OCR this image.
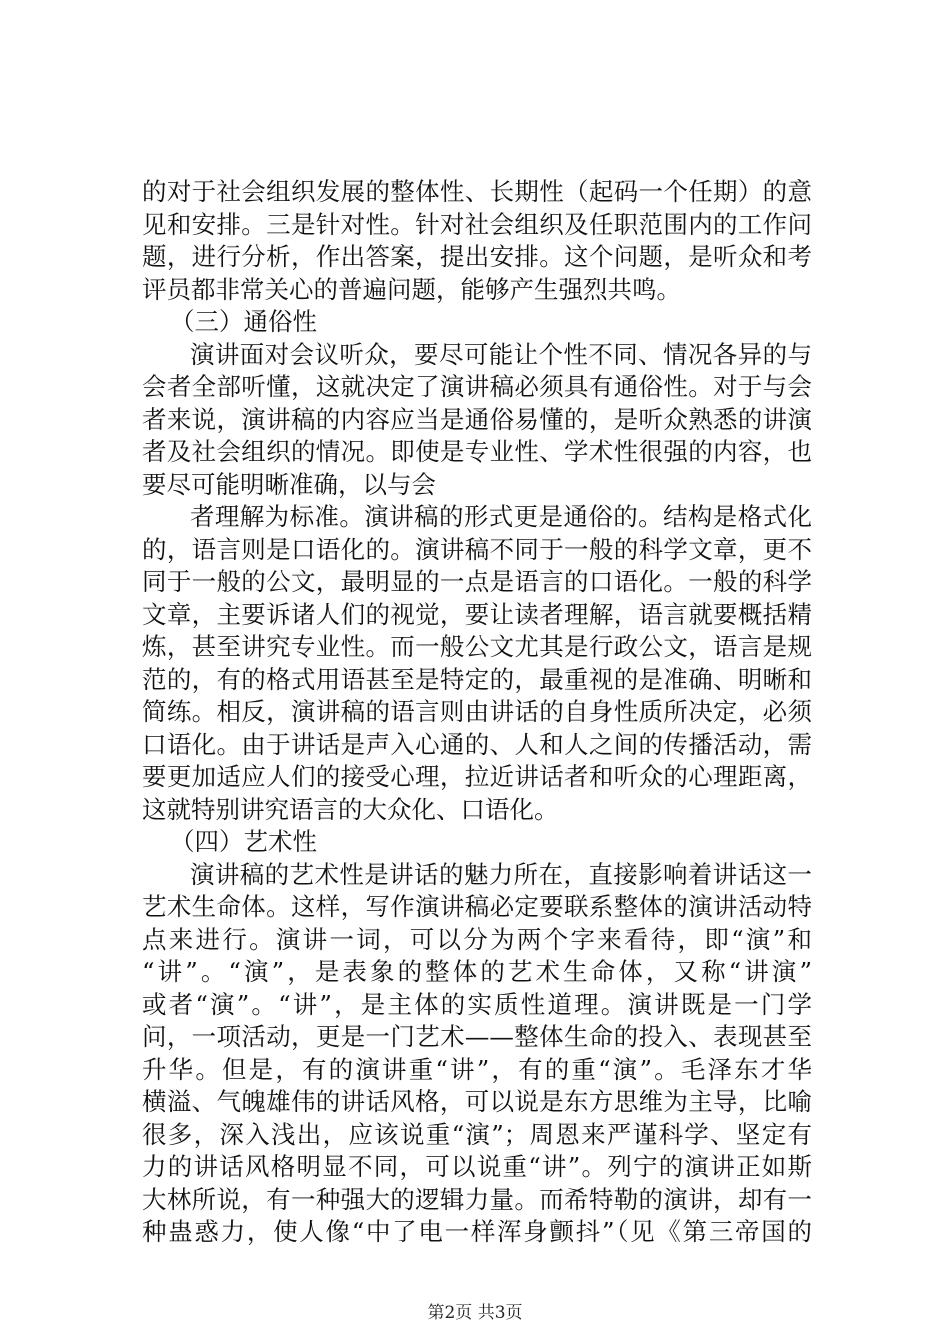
的对于社会组织发展的整体性、长期性（起码一个任期）的意
见和安排。三是针对性。针对社会组织及任职范围内的工作问
题，进行分析，作出答案，提出安排。这个问题，是听众和考
评员都非常关心的普遍问题，能够产生强烈共鸣。
（三）通俗性
演讲面对会议听众，要尽可能让个性不同、情况各异的与
会者全部听懂，这就决定了演讲稿必须具有通俗性。对于与会
者来说，演讲稿的内容应当是通俗易懂的，是听众熟悉的讲演
者及社会组织的情况。即使是专业性、学术性很强的内容，也
要尽可能明晰准确，以与会
者理解为标准。演讲稿的形式更是通俗的。结构是格式化
的，语言则是口语化的。演讲稿不同于一般的科学文章，更不
同于一般的公文，最明显的一点是语言的口语化。一般的科学
文章，主要诉诸人们的视觉，要让读者理解，语言就要概括精
炼，甚至讲究专业性。而一般公文尤其是行政公文，语言是规
范的，有的格式用语甚至是特定的，最重视的是准确、明晰和
简练。相反，演讲稿的语言则由讲话的自身性质所决定，必须
口语化。由于讲话是声入心通的、人和人之间的传播活动，需
要更加适应人们的接受心理，拉近讲话者和听众的心理距离，
这就特别讲究语言的大众化、口语化。
（四）艺术性
演讲稿的艺术性是讲话的魅力所在，直接影响着讲话这一
艺术生命体。这样，写作演讲稿必定要联系整体的演讲活动特
点来进行。演讲一词，可以分为两个字来看待，即“演”和
“讲”。“演”，是表象的整体的艺术生命体，又称“讲演”
或者“演”。“讲”，是主体的实质性道理。演讲既是一门学
问，一项活动，更是一门艺术——整体生命的投入、表现甚至
升华。但是，有的演讲重“讲”，有的重“演”。毛泽东才华
横溢、气魄雄伟的讲话风格，可以说是东方思维为主导，比喻
很多，深入浅出，应该说重“演”；周恩来严谨科学、坚定有
力的讲话风格明显不同，可以说重“讲”。列宁的演讲正如斯
大林所说，有一种强大的逻辑力量。而希特勒的演讲，却有一
种蛊惑力，使人像“中了电一样浑身颤抖”（见《第三帝国的
第2页 共3页
